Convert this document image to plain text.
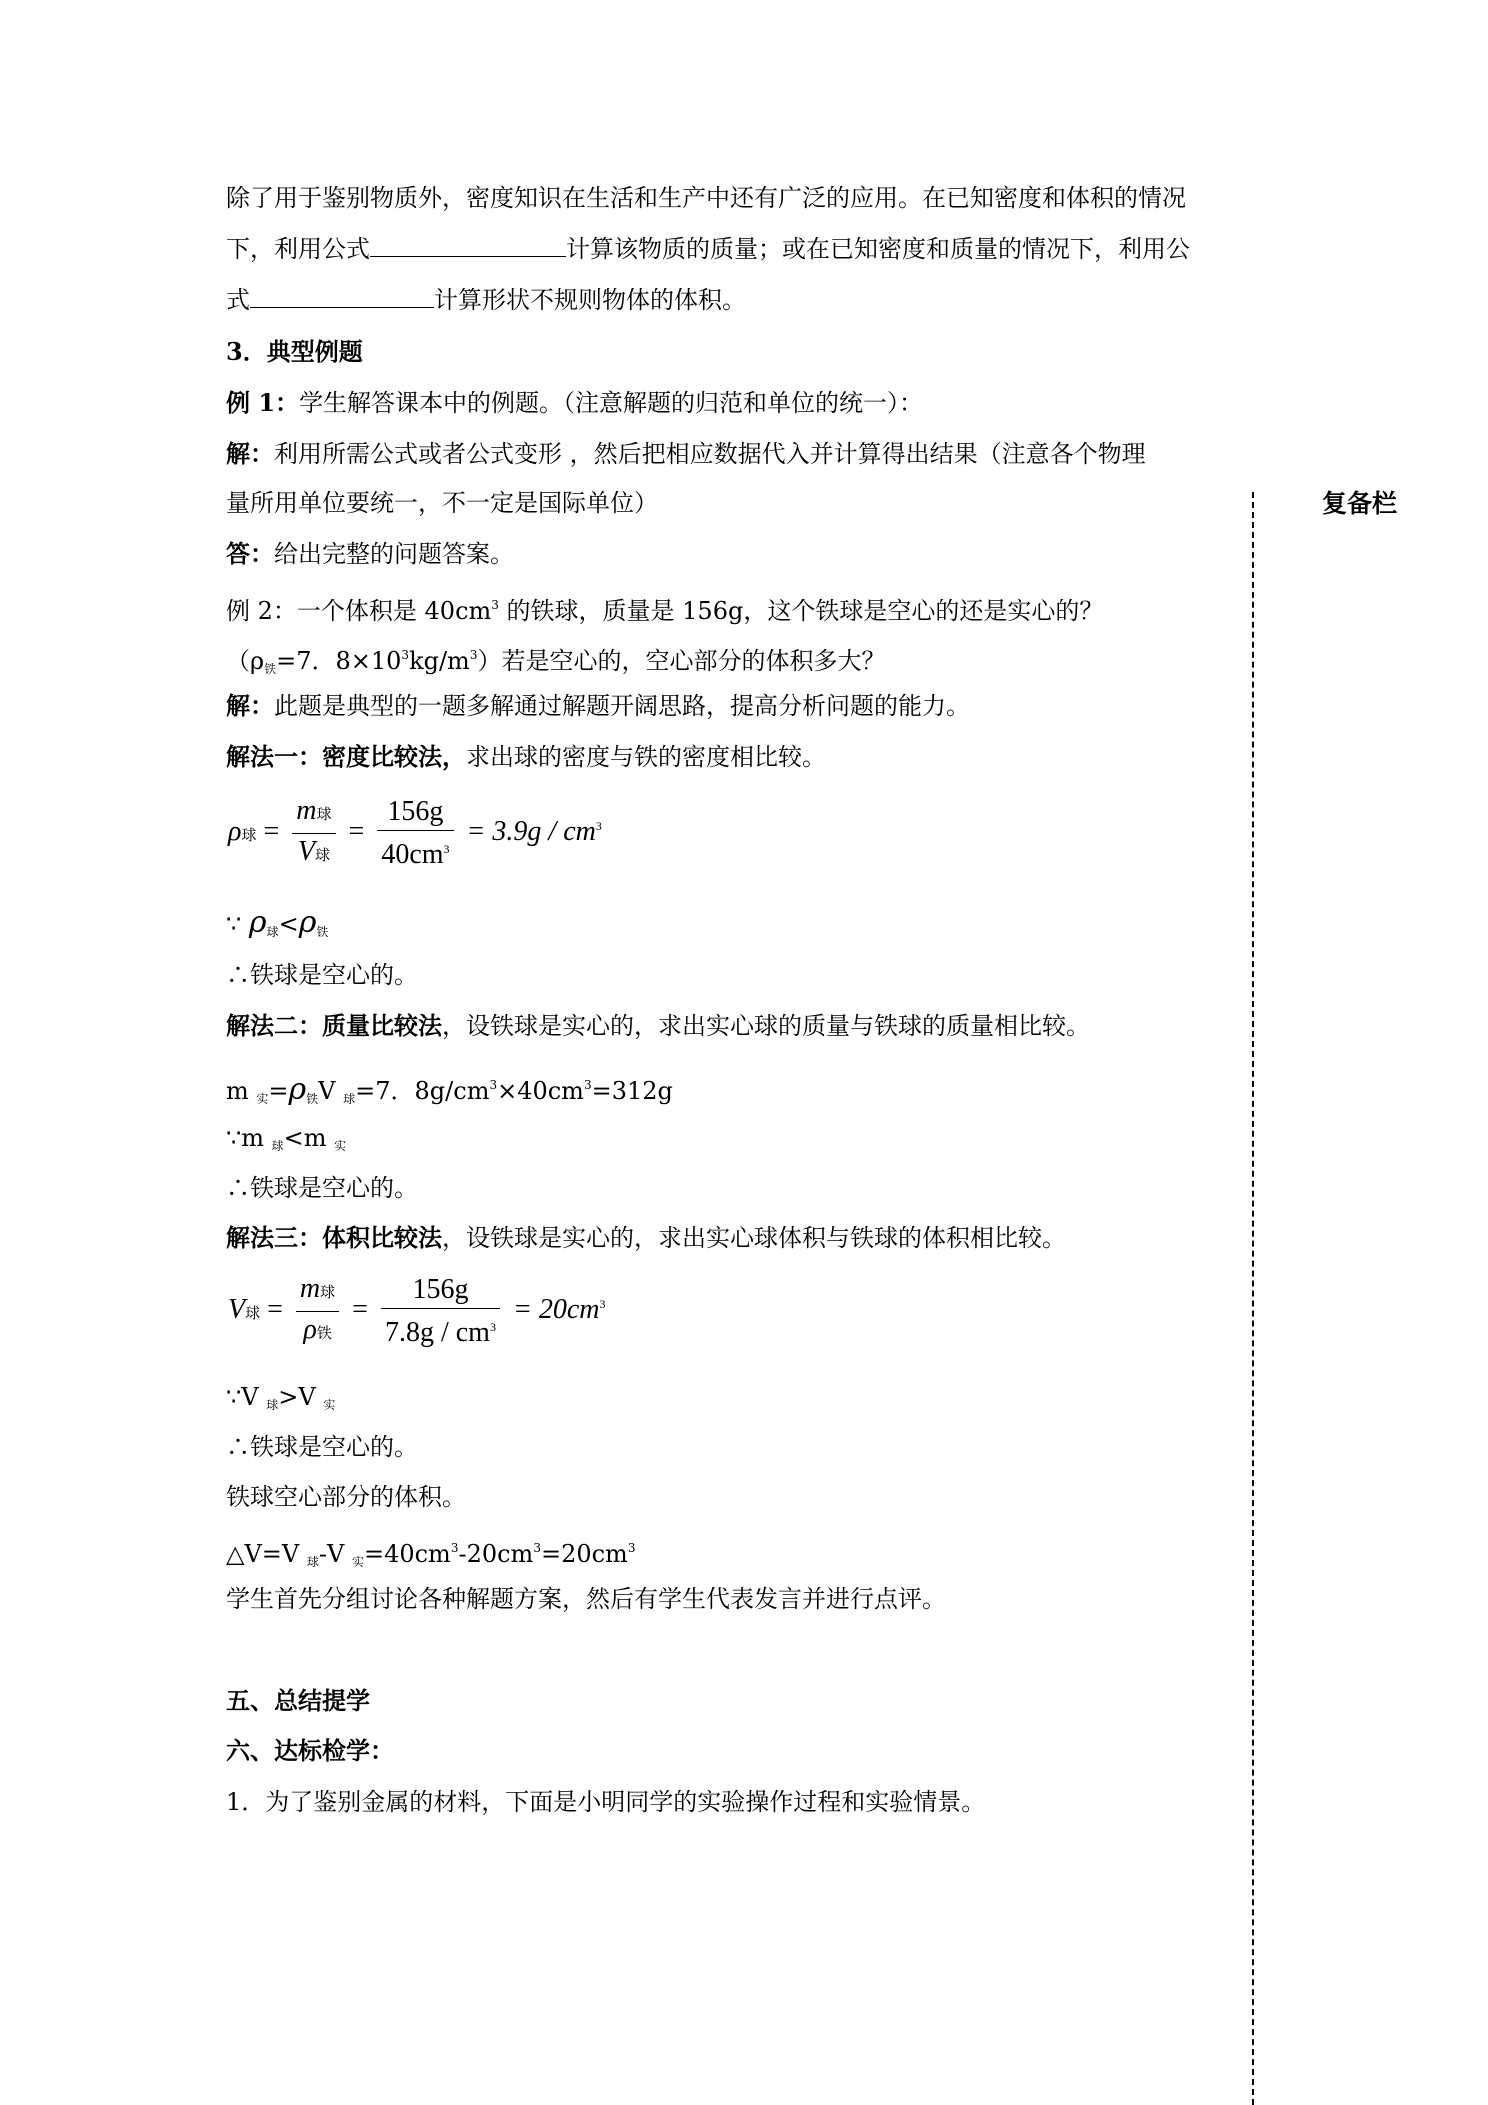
复备栏
除了用于鉴别物质外，密度知识在生活和生产中还有广泛的应用。在已知密度和体积的情况
下，利用公式	计算该物质的质量；或在已知密度和质量的情况下，利用公
式	计算形状不规则物体的体积。
3．典型例题
例 1：学生解答课本中的例题。（注意解题的归范和单位的统一）：
解：利用所需公式或者公式变形 ，然后把相应数据代入并计算得出结果（注意各个物理
量所用单位要统一，不一定是国际单位）
答：给出完整的问题答案。
例 2：一个体积是 $40cm^3$ 的铁球，质量是 156g，这个铁球是空心的还是实心的？
（$\rho_铁=7$．$8\times 10^3kg/m^3$）若是空心的，空心部分的体积多大？
解：此题是典型的一题多解通过解题开阔思路，提高分析问题的能力。
解法一：密度比较法，求出球的密度与铁的密度相比较。
ρ球 = $\frac{\text{m球}}{\text{V球}} = \frac{156g}{40cm^3} = 3.9g / cm^3$
∵ $\rho_球<\rho_铁$
∴铁球是空心的。
解法二：质量比较法，设铁球是实心的，求出实心球的质量与铁球的质量相比较。
m $_实=\rho_铁V$ $_球$=7．$8g/cm^3\times 40cm^3=312g$
∵m $_球$<m $_实$
∴铁球是空心的。
解法三：体积比较法，设铁球是实心的，求出实心球体积与铁球的体积相比较。
V球 = $\frac{\text{m球}}{\text{ρ铁}} = \frac{156g}{7.8g / cm^3} = 20cm^3$
∵V $_球$>V $_实$
∴铁球是空心的。
铁球空心部分的体积。
△V=V $_球$-V $_实=40cm^3-20cm^3=20cm^3$
学生首先分组讨论各种解题方案，然后有学生代表发言并进行点评。
五、总结提学
六、达标检学：
1．为了鉴别金属的材料，下面是小明同学的实验操作过程和实验情景。
